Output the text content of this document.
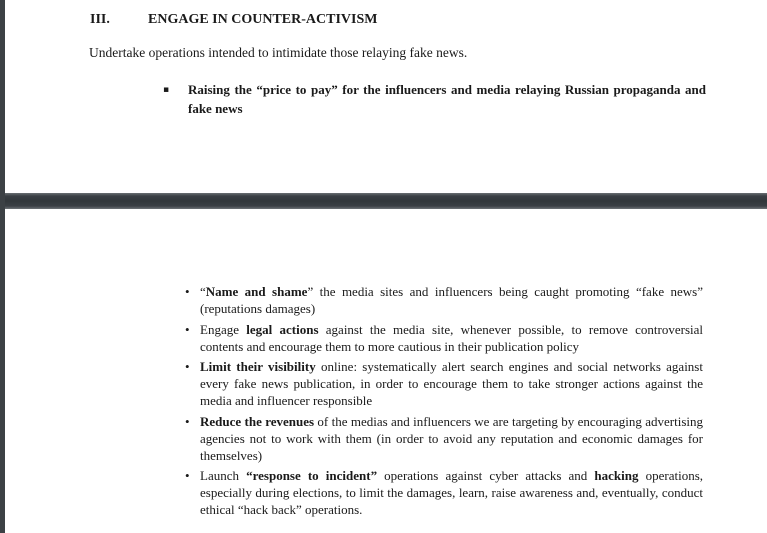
III.	ENGAGE IN COUNTER-ACTIVISM

Undertake operations intended to intimidate those relaying fake news.

▪	Raising the “price to pay” for the influencers and media relaying Russian propaganda and fake news
• “Name and shame” the media sites and influencers being caught promoting “fake news” (reputations damages)
• Engage legal actions against the media site, whenever possible, to remove controversial contents and encourage them to more cautious in their publication policy
• Limit their visibility online: systematically alert search engines and social networks against every fake news publication, in order to encourage them to take stronger actions against the media and influencer responsible
• Reduce the revenues of the medias and influencers we are targeting by encouraging advertising agencies not to work with them (in order to avoid any reputation and economic damages for themselves)
• Launch “response to incident” operations against cyber attacks and hacking operations, especially during elections, to limit the damages, learn, raise awareness and, eventually, conduct ethical “hack back” operations.
